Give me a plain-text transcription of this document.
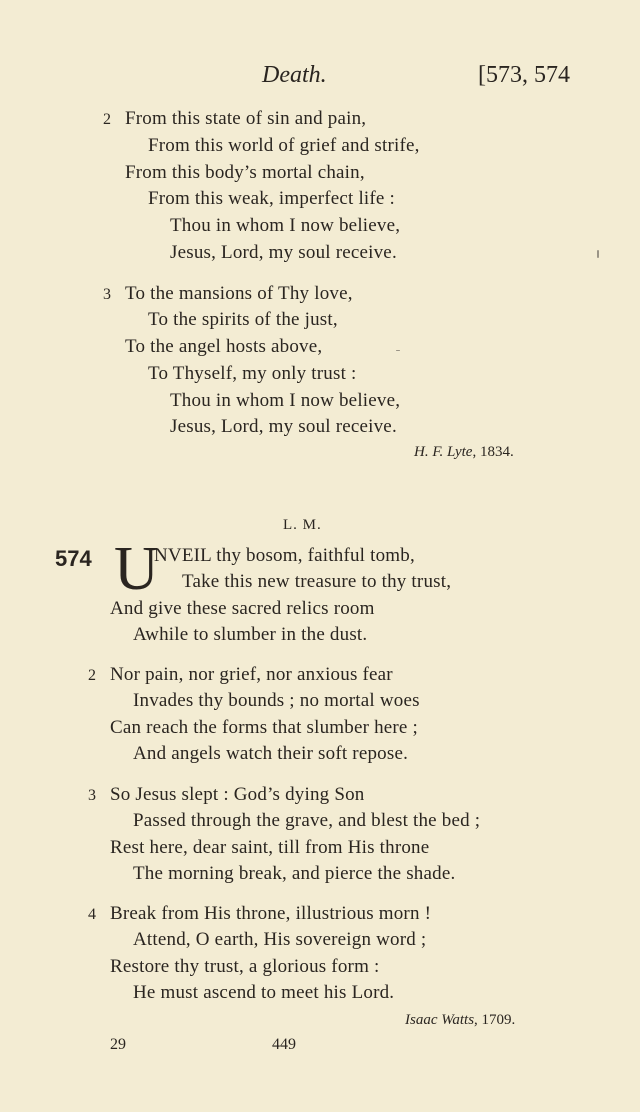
Death.	[573, 574
2 From this state of sin and pain,
From this world of grief and strife,
From this body’s mortal chain,
From this weak, imperfect life :
Thou in whom I now believe,
Jesus, Lord, my soul receive.
3 To the mansions of Thy love,
To the spirits of the just,
To the angel hosts above,
To Thyself, my only trust :
Thou in whom I now believe,
Jesus, Lord, my soul receive.
H. F. Lyte, 1834.
L. M.
574 U
NVEIL thy bosom, faithful tomb,
Take this new treasure to thy trust,
And give these sacred relics room
Awhile to slumber in the dust.
2 Nor pain, nor grief, nor anxious fear
Invades thy bounds ; no mortal woes
Can reach the forms that slumber here ;
And angels watch their soft repose.
3 So Jesus slept : God’s dying Son
Passed through the grave, and blest the bed ;
Rest here, dear saint, till from His throne
The morning break, and pierce the shade.
4 Break from His throne, illustrious morn !
Attend, O earth, His sovereign word ;
Restore thy trust, a glorious form :
He must ascend to meet his Lord.
Isaac Watts, 1709.
29	449
